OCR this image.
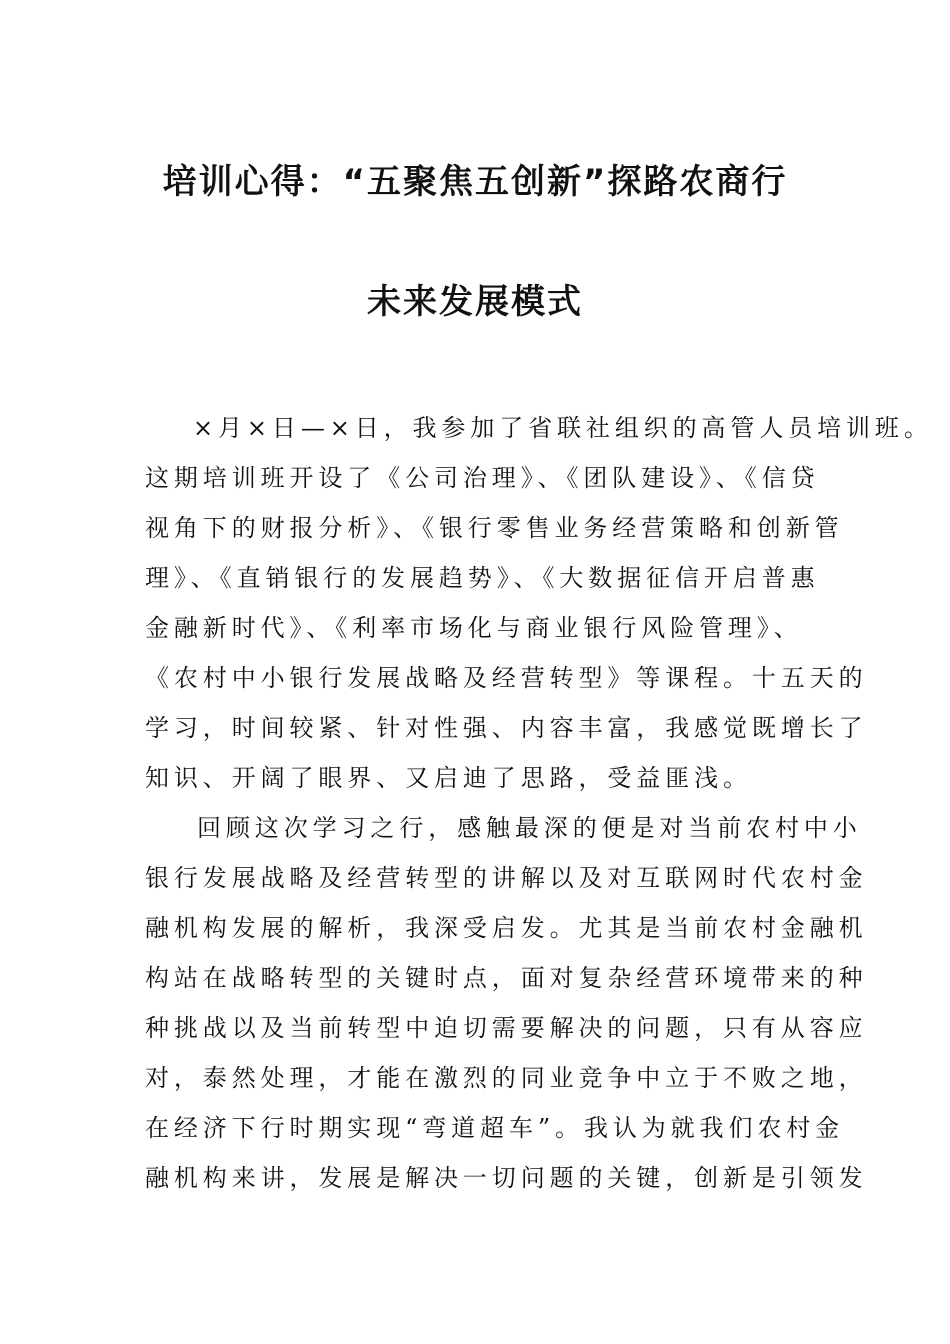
培训心得：“五聚焦五创新”探路农商行
未来发展模式
×月×日—×日，我参加了省联社组织的高管人员培训班。
这期培训班开设了《公司治理》、《团队建设》、《信贷
视角下的财报分析》、《银行零售业务经营策略和创新管
理》、《直销银行的发展趋势》、《大数据征信开启普惠
金融新时代》、《利率市场化与商业银行风险管理》、
《农村中小银行发展战略及经营转型》等课程。十五天的
学习，时间较紧、针对性强、内容丰富，我感觉既增长了
知识、开阔了眼界、又启迪了思路，受益匪浅。
回顾这次学习之行，感触最深的便是对当前农村中小
银行发展战略及经营转型的讲解以及对互联网时代农村金
融机构发展的解析，我深受启发。尤其是当前农村金融机
构站在战略转型的关键时点，面对复杂经营环境带来的种
种挑战以及当前转型中迫切需要解决的问题，只有从容应
对，泰然处理，才能在激烈的同业竞争中立于不败之地，
在经济下行时期实现“弯道超车”。我认为就我们农村金
融机构来讲，发展是解决一切问题的关键，创新是引领发
